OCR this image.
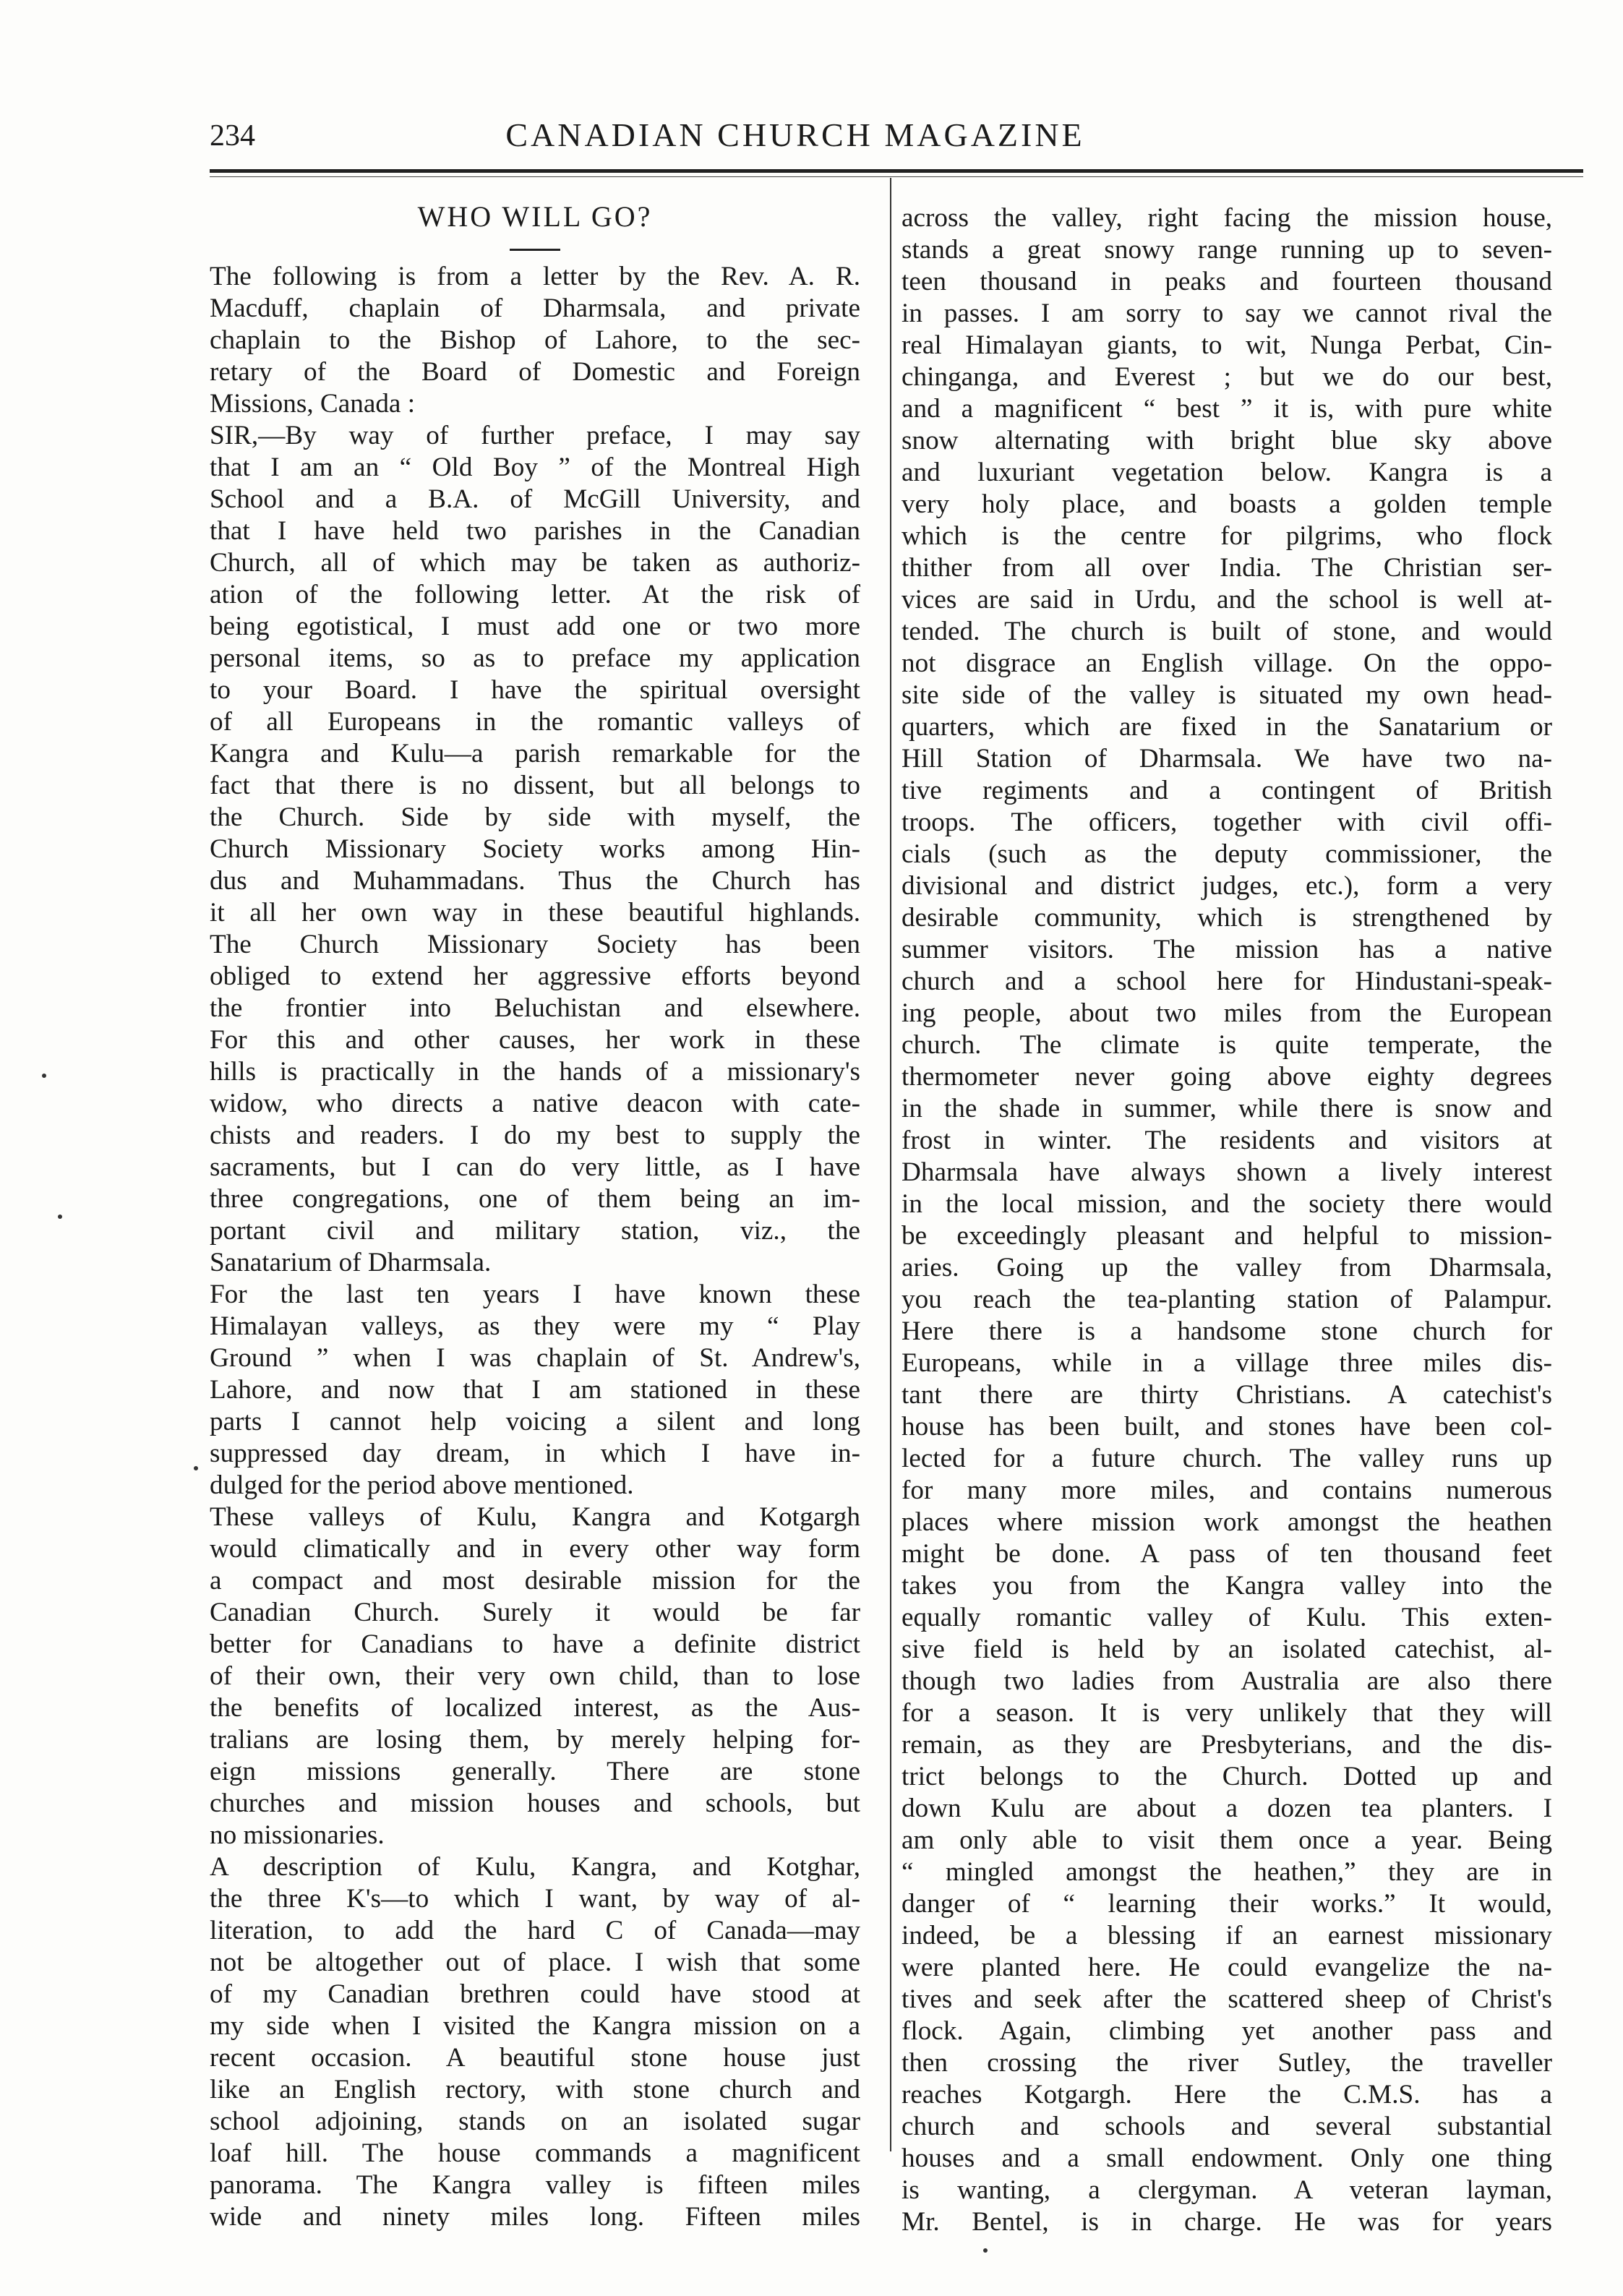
234	CANADIAN CHURCH MAGAZINE
WHO WILL GO?
The following is from a letter by the Rev. A. R.
Macduff, chaplain of Dharmsala, and private
chaplain to the Bishop of Lahore, to the sec-
retary of the Board of Domestic and Foreign
Missions, Canada :
SIR,—By way of further preface, I may say
that I am an “ Old Boy ” of the Montreal High
School and a B.A. of McGill University, and
that I have held two parishes in the Canadian
Church, all of which may be taken as authoriz-
ation of the following letter. At the risk of
being egotistical, I must add one or two more
personal items, so as to preface my application
to your Board. I have the spiritual oversight
of all Europeans in the romantic valleys of
Kangra and Kulu—a parish remarkable for the
fact that there is no dissent, but all belongs to
the Church. Side by side with myself, the
Church Missionary Society works among Hin-
dus and Muhammadans. Thus the Church has
it all her own way in these beautiful highlands.
The Church Missionary Society has been
obliged to extend her aggressive efforts beyond
the frontier into Beluchistan and elsewhere.
For this and other causes, her work in these
hills is practically in the hands of a missionary's
widow, who directs a native deacon with cate-
chists and readers. I do my best to supply the
sacraments, but I can do very little, as I have
three congregations, one of them being an im-
portant civil and military station, viz., the
Sanatarium of Dharmsala.
For the last ten years I have known these
Himalayan valleys, as they were my “ Play
Ground ” when I was chaplain of St. Andrew's,
Lahore, and now that I am stationed in these
parts I cannot help voicing a silent and long
suppressed day dream, in which I have in-
dulged for the period above mentioned.
These valleys of Kulu, Kangra and Kotgargh
would climatically and in every other way form
a compact and most desirable mission for the
Canadian Church. Surely it would be far
better for Canadians to have a definite district
of their own, their very own child, than to lose
the benefits of localized interest, as the Aus-
tralians are losing them, by merely helping for-
eign missions generally. There are stone
churches and mission houses and schools, but
no missionaries.
A description of Kulu, Kangra, and Kotghar,
the three K's—to which I want, by way of al-
literation, to add the hard C of Canada—may
not be altogether out of place. I wish that some
of my Canadian brethren could have stood at
my side when I visited the Kangra mission on a
recent occasion. A beautiful stone house just
like an English rectory, with stone church and
school adjoining, stands on an isolated sugar
loaf hill. The house commands a magnificent
panorama. The Kangra valley is fifteen miles
wide and ninety miles long. Fifteen miles
across the valley, right facing the mission house,
stands a great snowy range running up to seven-
teen thousand in peaks and fourteen thousand
in passes. I am sorry to say we cannot rival the
real Himalayan giants, to wit, Nunga Perbat, Cin-
chinganga, and Everest ; but we do our best,
and a magnificent “ best ” it is, with pure white
snow alternating with bright blue sky above
and luxuriant vegetation below. Kangra is a
very holy place, and boasts a golden temple
which is the centre for pilgrims, who flock
thither from all over India. The Christian ser-
vices are said in Urdu, and the school is well at-
tended. The church is built of stone, and would
not disgrace an English village. On the oppo-
site side of the valley is situated my own head-
quarters, which are fixed in the Sanatarium or
Hill Station of Dharmsala. We have two na-
tive regiments and a contingent of British
troops. The officers, together with civil offi-
cials (such as the deputy commissioner, the
divisional and district judges, etc.), form a very
desirable community, which is strengthened by
summer visitors. The mission has a native
church and a school here for Hindustani-speak-
ing people, about two miles from the European
church. The climate is quite temperate, the
thermometer never going above eighty degrees
in the shade in summer, while there is snow and
frost in winter. The residents and visitors at
Dharmsala have always shown a lively interest
in the local mission, and the society there would
be exceedingly pleasant and helpful to mission-
aries. Going up the valley from Dharmsala,
you reach the tea-planting station of Palampur.
Here there is a handsome stone church for
Europeans, while in a village three miles dis-
tant there are thirty Christians. A catechist's
house has been built, and stones have been col-
lected for a future church. The valley runs up
for many more miles, and contains numerous
places where mission work amongst the heathen
might be done. A pass of ten thousand feet
takes you from the Kangra valley into the
equally romantic valley of Kulu. This exten-
sive field is held by an isolated catechist, al-
though two ladies from Australia are also there
for a season. It is very unlikely that they will
remain, as they are Presbyterians, and the dis-
trict belongs to the Church. Dotted up and
down Kulu are about a dozen tea planters. I
am only able to visit them once a year. Being
“ mingled amongst the heathen,” they are in
danger of “ learning their works.” It would,
indeed, be a blessing if an earnest missionary
were planted here. He could evangelize the na-
tives and seek after the scattered sheep of Christ's
flock. Again, climbing yet another pass and
then crossing the river Sutley, the traveller
reaches Kotgargh. Here the C.M.S. has a
church and schools and several substantial
houses and a small endowment. Only one thing
is wanting, a clergyman. A veteran layman,
Mr. Bentel, is in charge. He was for years
